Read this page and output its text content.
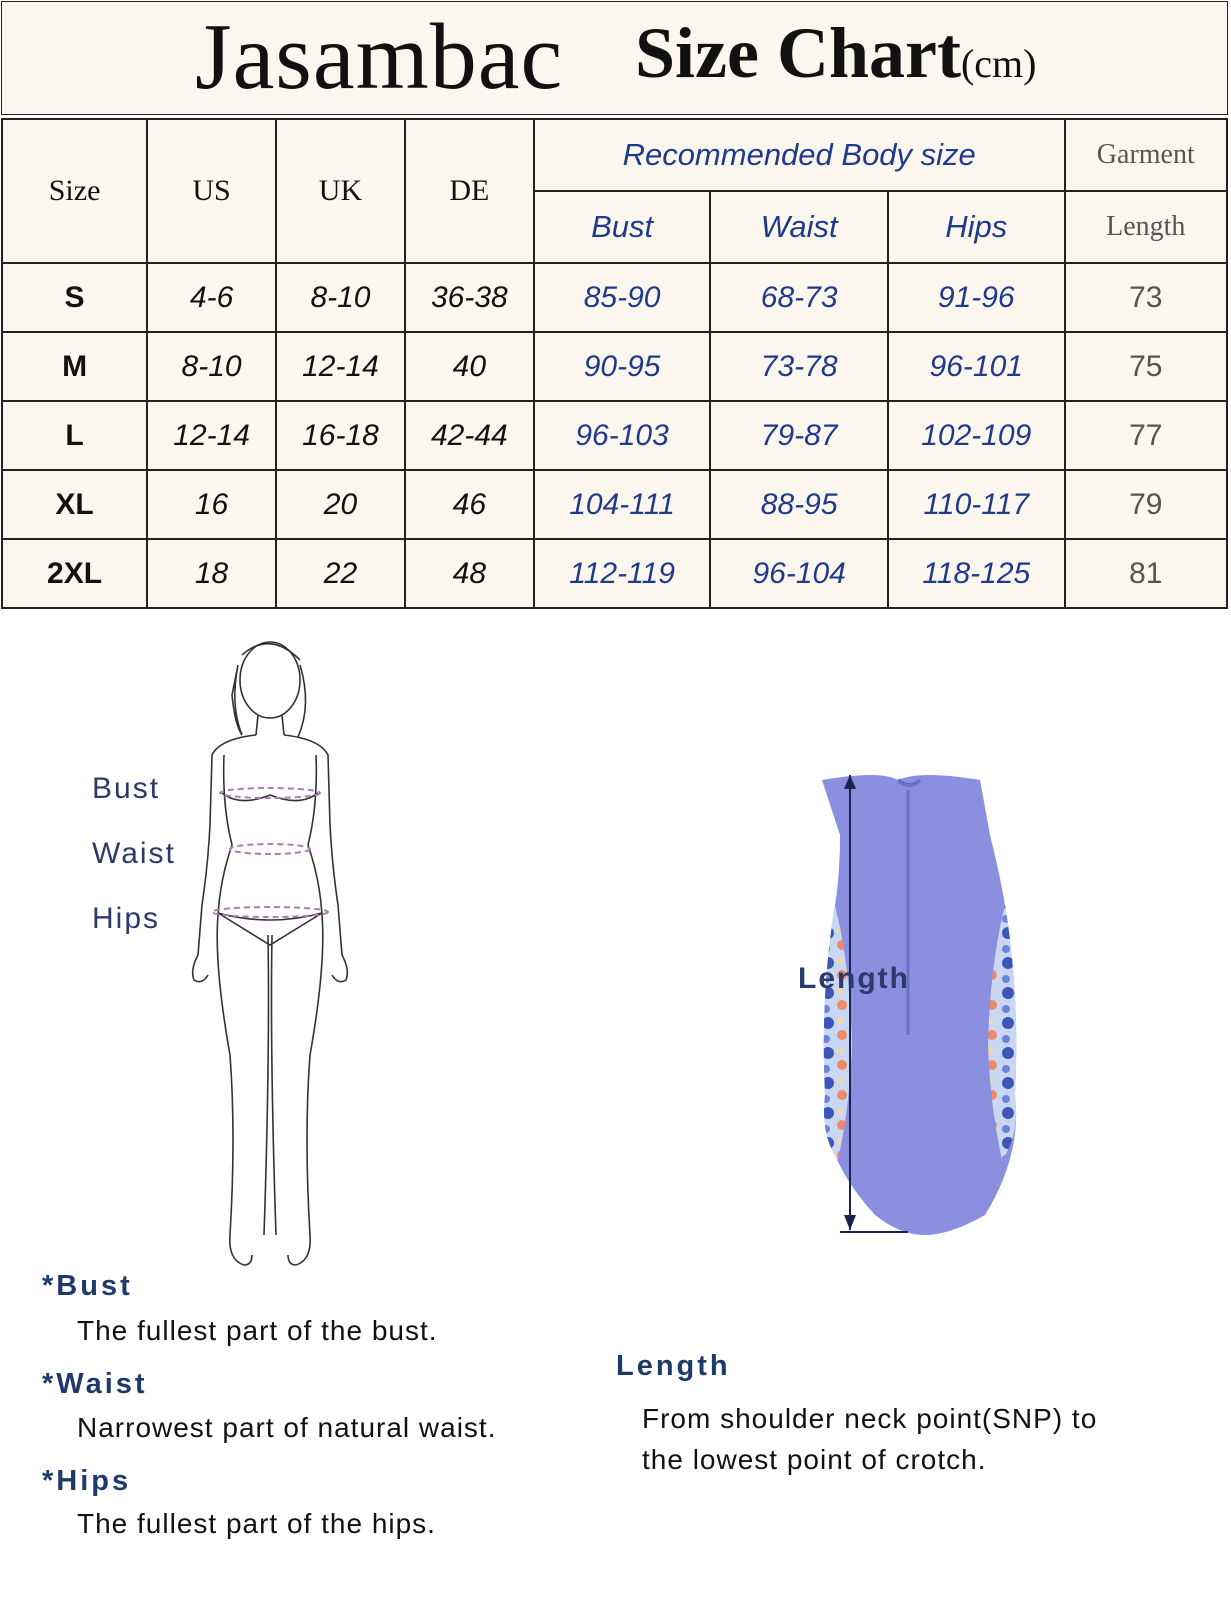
Jasambac Size Chart(cm)
Size	US	UK	DE	Recommended Body size			Garment
				Bust	Waist	Hips	Length
S	4-6	8-10	36-38	85-90	68-73	91-96	73
M	8-10	12-14	40	90-95	73-78	96-101	75
L	12-14	16-18	42-44	96-103	79-87	102-109	77
XL	16	20	46	104-111	88-95	110-117	79
2XL	18	22	48	112-119	96-104	118-125	81
Bust
Waist
Hips
Length
*Bust
The fullest part of the bust.
*Waist
Narrowest part of natural waist.
*Hips
The fullest part of the hips.
Length
From shoulder neck point(SNP) to
the lowest point of crotch.
